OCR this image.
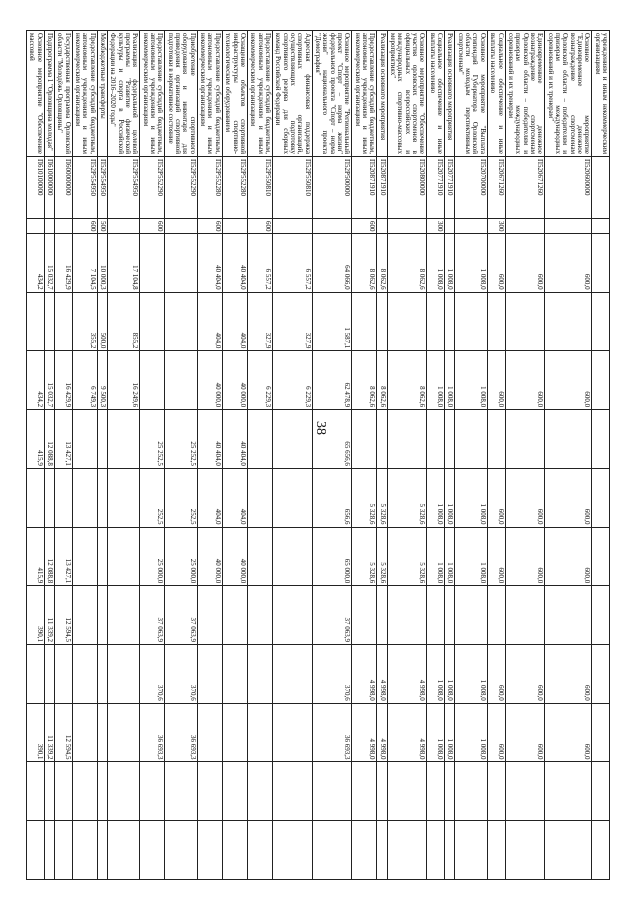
38
учреждениям и иным некоммерческим организациям													
Основное мероприятие "Единовременное денежное вознаграждение спортсменам Орловской области – победителям и призерам международных соревнований и их тренерам"	П520600000		600,0		600,0		600,0	600,0		600,0	600,0		
Единовременное денежное вознаграждение спортсменам Орловской области – победителям и призерам международных соревнований и их тренерам	П520671260		600,0		600,0		600,0	600,0		600,0	600,0		
Социальное обеспечение и иные выплаты населению	П520671260	300	600,0		600,0		600,0	600,0		600,0	600,0		
Основное мероприятие "Выплата стипендий Губернатора Орловской области молодым перспективным спортсменам"	П520700000		1 008,0		1 008,0		1 008,0	1 008,0		1 008,0	1 008,0		
Реализация основного мероприятия	П520771910		1 008,0		1 008,0		1 008,0	1 008,0		1 008,0	1 008,0		
Социальное обеспечение и иные выплаты населению	П520771910	300	1 008,0		1 008,0		1 008,0	1 008,0		1 008,0	1 008,0		
Основное мероприятие "Обеспечение участия орловских спортсменов в официальных всероссийских и международных спортивно-массовых мероприятиях"	П520800000		8 062,6		8 062,6		5 328,6	5 328,6		4 998,0	4 998,0		
Реализация основного мероприятия	П520871910		8 062,6		8 062,6		5 328,6	5 328,6		4 998,0	4 998,0		
Предоставление субсидий бюджетным, автономным учреждениям и иным некоммерческим организациям	П520871910	600	8 062,6		8 062,6		5 328,6	5 328,6		4 998,0	4 998,0		
Основное мероприятие "Региональный проект "Спорт – норма жизни" федерального проекта "Спорт – норма жизни" национального проекта "Демография"	П52Р500000		64 066,0	1 587,1	62 478,9	65 656,6	656,6	65 000,0	37 063,9	370,6	36 693,3		
Адресная финансовая поддержка спортивных организаций, осуществляющих подготовку спортивного резерва для сборных команд Российской Федерации	П52Р550810		6 557,2	327,9	6 229,3								
Предоставление субсидий бюджетным, автономным учреждениям и иным некоммерческим организациям	П52Р550810	600	6 557,2	327,9	6 229,3								
Оснащение объектов спортивной инфраструктуры спортивно-технологическим оборудованием	П52Р552280		40 404,0	404,0	40 000,0	40 404,0	404,0	40 000,0					
Предоставление субсидий бюджетным, автономным учреждениям и иным некоммерческим организациям	П52Р552280	600	40 404,0	404,0	40 000,0	40 404,0	404,0	40 000,0					
Приобретение спортивного оборудования и инвентаря для приведения организаций спортивной подготовки в нормативное состояние	П52Р552290					25 252,5	252,5	25 000,0	37 063,9	370,6	36 693,3		
Предоставление субсидий бюджетным, автономным учреждениям и иным некоммерческим организациям	П52Р552290	600				25 252,5	252,5	25 000,0	37 063,9	370,6	36 693,3		
Реализация федеральной целевой программы "Развитие физической культуры и спорта в Российской Федерации на 2016–2020 годы"	П52Р554950		17 104,8	855,2	16 249,6								
Межбюджетные трансферты	П52Р554950	500	10 000,3	500,0	9 500,3								
Предоставление субсидий бюджетным, автономным учреждениям и иным некоммерческим организациям	П52Р554950	600	7 104,5	355,2	6 749,3								
Государственная программа Орловской области "Молодёжь Орловщины"	П600000000		16 429,9		16 429,9	13 427,1		13 427,1	12 594,5		12 594,5		
Подпрограмма 1 "Орловщина молодая"	П610000000		15 032,7		15 032,7	12 088,8		12 088,8	11 339,2		11 339,2		
Основное мероприятие "Обеспечение массовой	П610100000		434,2		434,2	415,9		415,9	390,1		390,1		
